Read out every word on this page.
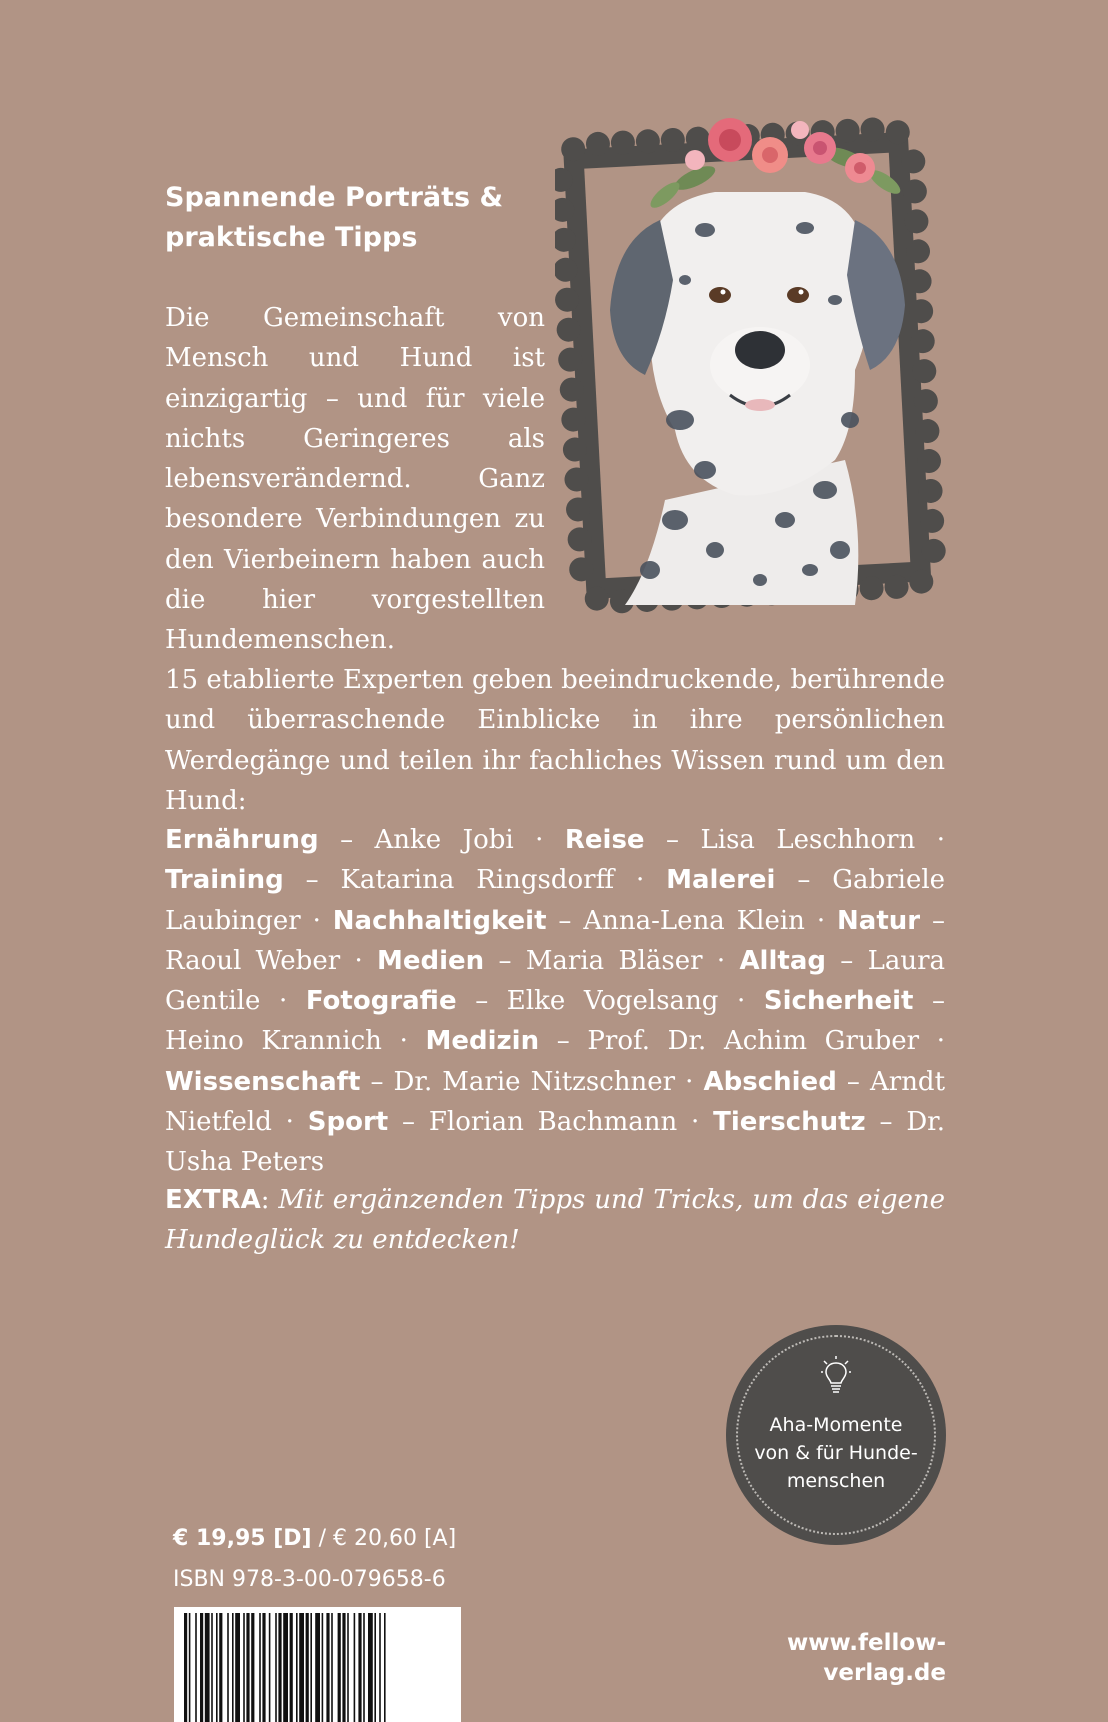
Spannende Porträts &
praktische Tipps

Die Gemeinschaft von Mensch und Hund ist einzigartig – und für viele nichts Geringeres als lebensverändernd. Ganz besondere Verbindungen zu den Vierbeinern haben auch die hier vorgestellten Hundemenschen.

15 etablierte Experten geben beeindruckende, berührende und überraschende Einblicke in ihre persönlichen Werdegänge und teilen ihr fachliches Wissen rund um den Hund:

Ernährung – Anke Jobi · Reise – Lisa Leschhorn · Training – Katarina Ringsdorff · Malerei – Gabriele Laubinger · Nachhaltigkeit – Anna-Lena Klein · Natur – Raoul Weber · Medien – Maria Bläser · Alltag – Laura Gentile · Fotografie – Elke Vogelsang · Sicherheit – Heino Krannich · Medizin – Prof. Dr. Achim Gruber · Wissenschaft – Dr. Marie Nitzschner · Abschied – Arndt Nietfeld · Sport – Florian Bachmann · Tierschutz – Dr. Usha Peters

EXTRA: Mit ergänzenden Tipps und Tricks, um das eigene Hundeglück zu entdecken!

Aha-Momente
von & für Hunde-
menschen
€ 19,95 [D] / € 20,60 [A]
ISBN 978-3-00-079658-6
www.fellow-verlag.de
